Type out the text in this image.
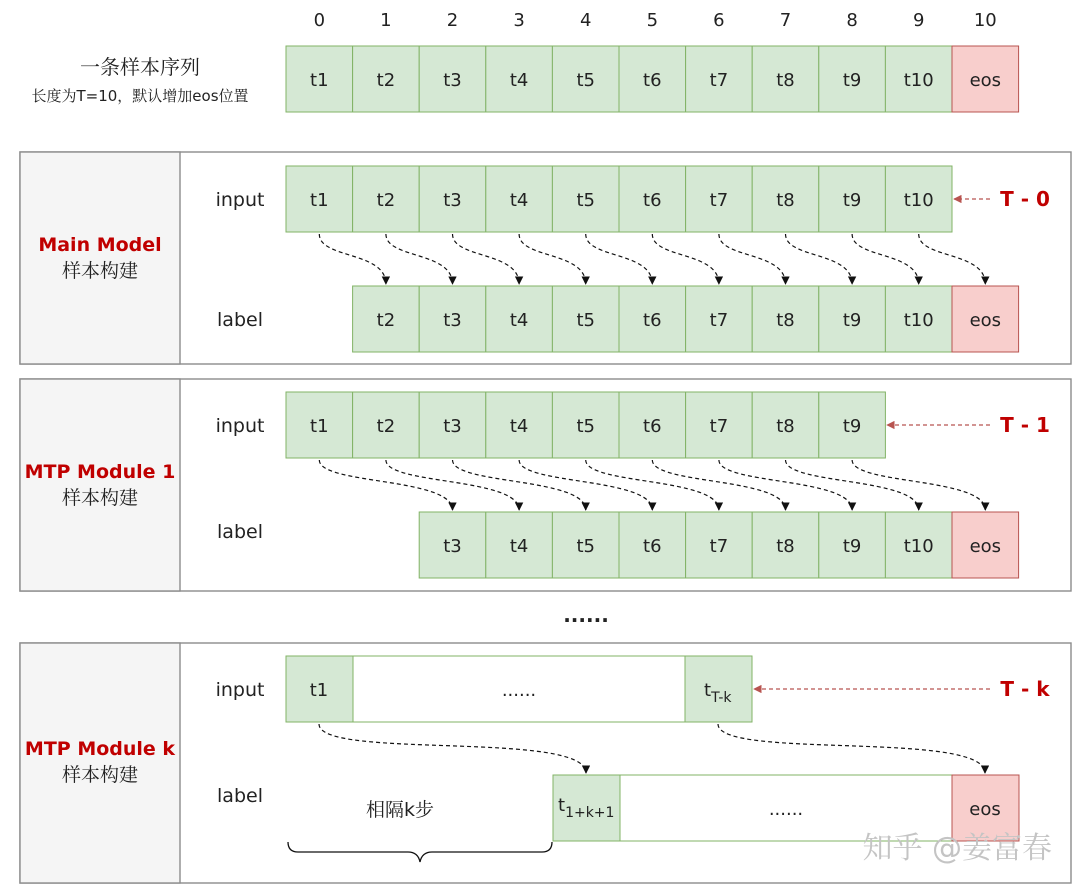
0	1	2	3	4	5	6	7	8	9	10
一条样本序列
长度为T=10，默认增加eos位置
t1	t2	t3	t4	t5	t6	t7	t8	t9 t10 eos
Main Model
样本构建
input
label
t1	t2	t3	t4	t5	t6	t7	t8	t9 t10
t2	t3	t4	t5	t6	t7	t8	t9 t10 eos
T - 0
MTP Module 1
样本构建
input
label
t1	t2	t3	t4	t5	t6	t7	t8	t9
t3	t4	t5	t6	t7	t8	t9 t10 eos
T - 1
......
MTP Module k
样本构建
input
label
t1	......	$t_{T-k}$	T - k
$t_{1+k+1}$	......	eos
相隔k步
知乎 @姜富春
